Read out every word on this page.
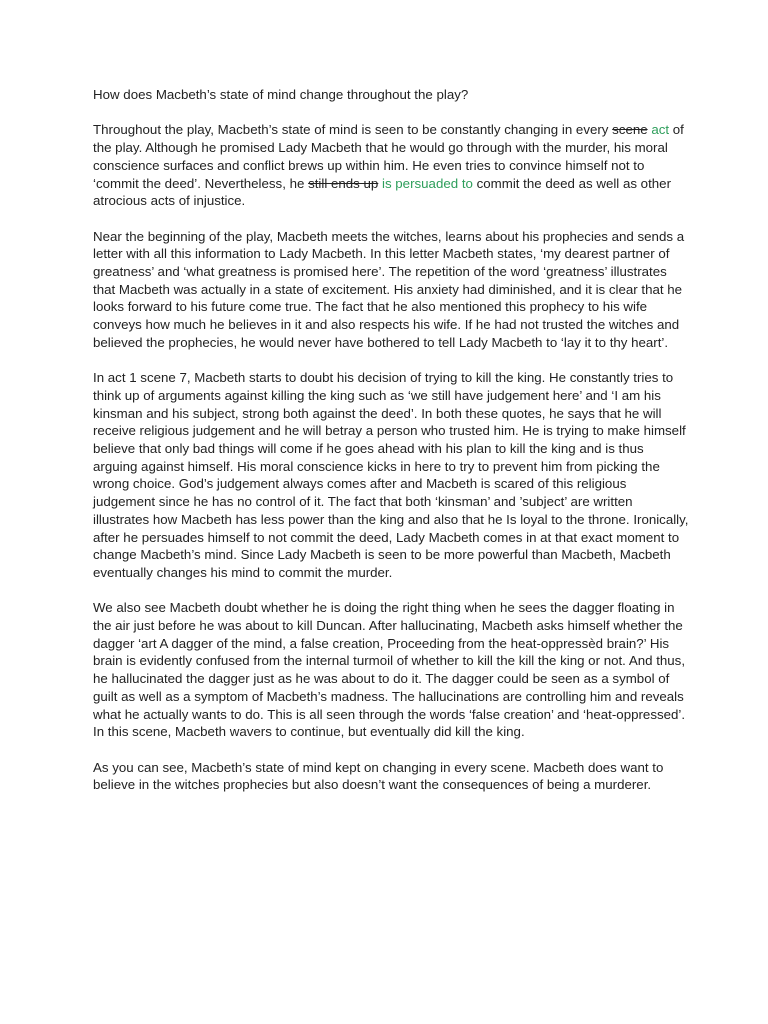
How does Macbeth’s state of mind change throughout the play?

Throughout the play, Macbeth’s state of mind is seen to be constantly changing in every scene act of the play. Although he promised Lady Macbeth that he would go through with the murder, his moral conscience surfaces and conflict brews up within him. He even tries to convince himself not to ‘commit the deed’. Nevertheless, he still ends up is persuaded to commit the deed as well as other atrocious acts of injustice.

Near the beginning of the play, Macbeth meets the witches, learns about his prophecies and sends a letter with all this information to Lady Macbeth. In this letter Macbeth states, ‘my dearest partner of greatness’ and ‘what greatness is promised here’. The repetition of the word ‘greatness’ illustrates that Macbeth was actually in a state of excitement. His anxiety had diminished, and it is clear that he looks forward to his future come true. The fact that he also mentioned this prophecy to his wife conveys how much he believes in it and also respects his wife. If he had not trusted the witches and believed the prophecies, he would never have bothered to tell Lady Macbeth to ‘lay it to thy heart’.

In act 1 scene 7, Macbeth starts to doubt his decision of trying to kill the king. He constantly tries to think up of arguments against killing the king such as ‘we still have judgement here’ and ‘I am his kinsman and his subject, strong both against the deed’. In both these quotes, he says that he will receive religious judgement and he will betray a person who trusted him. He is trying to make himself believe that only bad things will come if he goes ahead with his plan to kill the king and is thus arguing against himself. His moral conscience kicks in here to try to prevent him from picking the wrong choice. God’s judgement always comes after and Macbeth is scared of this religious judgement since he has no control of it. The fact that both ‘kinsman’ and ’subject’ are written illustrates how Macbeth has less power than the king and also that he Is loyal to the throne. Ironically, after he persuades himself to not commit the deed, Lady Macbeth comes in at that exact moment to change Macbeth’s mind. Since Lady Macbeth is seen to be more powerful than Macbeth, Macbeth eventually changes his mind to commit the murder.

We also see Macbeth doubt whether he is doing the right thing when he sees the dagger floating in the air just before he was about to kill Duncan. After hallucinating, Macbeth asks himself whether the dagger ‘art A dagger of the mind, a false creation, Proceeding from the heat-oppressèd brain?’ His brain is evidently confused from the internal turmoil of whether to kill the kill the king or not. And thus, he hallucinated the dagger just as he was about to do it. The dagger could be seen as a symbol of guilt as well as a symptom of Macbeth’s madness. The hallucinations are controlling him and reveals what he actually wants to do. This is all seen through the words ‘false creation’ and ‘heat-oppressed’. In this scene, Macbeth wavers to continue, but eventually did kill the king.

As you can see, Macbeth’s state of mind kept on changing in every scene. Macbeth does want to believe in the witches prophecies but also doesn’t want the consequences of being a murderer.
